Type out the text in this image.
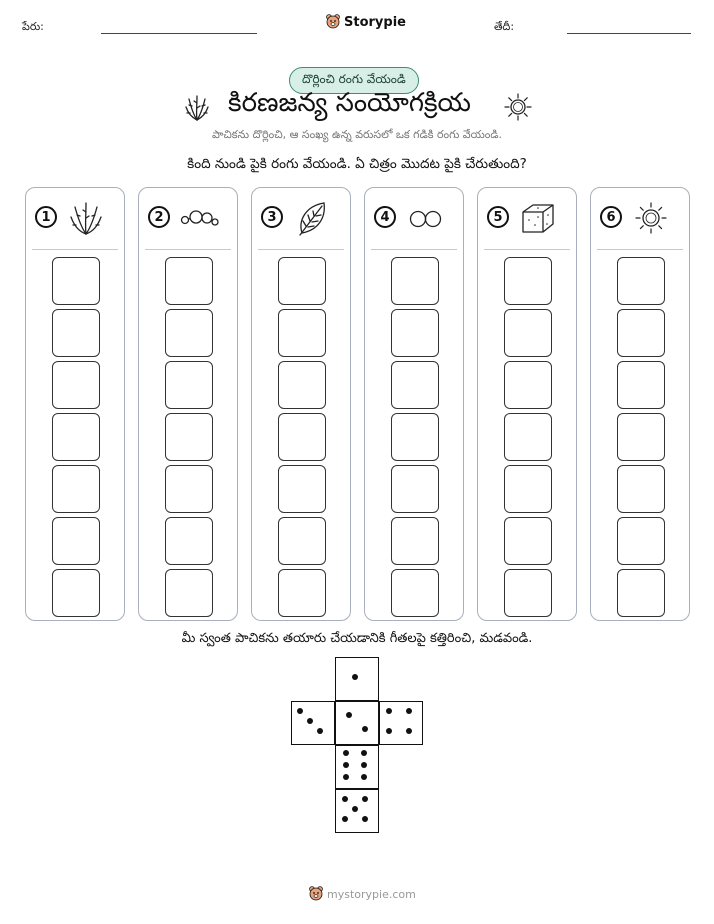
పేరు:	Storypie	తేదీ:
దొర్లించి రంగు వేయండి
కిరణజన్య సంయోగక్రియ
పాచికను దొర్లించి, ఆ సంఖ్య ఉన్న వరుసలో ఒక గడికి రంగు వేయండి.
కింది నుండి పైకి రంగు వేయండి. ఏ చిత్రం మొదట పైకి చేరుతుంది?
1	2	3	4	5	6
మీ స్వంత పాచికను తయారు చేయడానికి గీతలపై కత్తిరించి, మడవండి.
mystorypie.com
